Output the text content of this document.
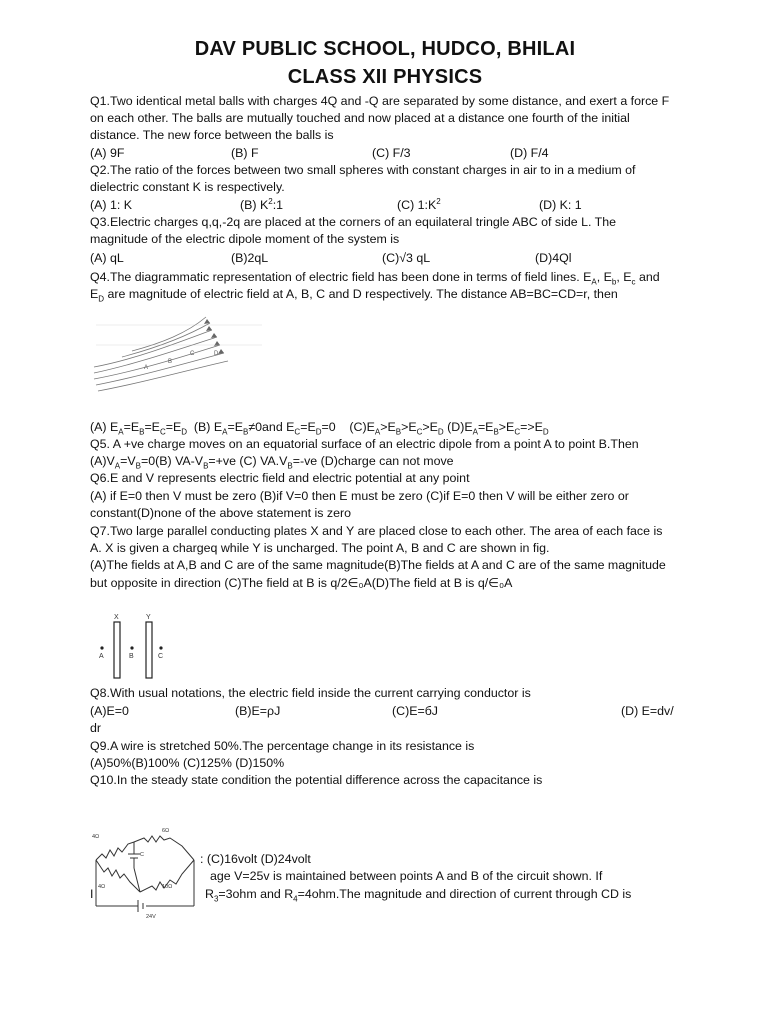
DAV PUBLIC SCHOOL, HUDCO, BHILAI
CLASS XII PHYSICS
Q1.Two identical metal balls with charges 4Q and -Q are separated by some distance, and exert a force F
on each other. The balls are mutually touched and now placed at a distance one fourth of the initial
distance. The new force between the balls is
(A) 9F	(B) F	(C) F/3	(D) F/4
Q2.The ratio of the forces between two small spheres with constant charges in air to in a medium of
dielectric constant K is respectively.
(A) 1: K	(B) $K^2:1$	(C) $1:K^2$	(D) K: 1
Q3.Electric charges q,q,-2q are placed at the corners of an equilateral tringle ABC of side L. The
magnitude of the electric dipole moment of the system is
(A) qL	(B)2qL	(C)√3 qL	(D)4Ql
Q4.The diagrammatic representation of electric field has been done in terms of field lines. $E_A$, $E_b$, $E_c$ and
$E_D$ are magnitude of electric field at A, B, C and D respectively. The distance AB=BC=CD=r, then
A
B
C	D
(A) $E_A=E_B=E_C=E_D$  (B) $E_A=E_B\ne 0and$ $E_C=E_D=0$    $(C)E_A>E_B>E_C>E_D$ $(D)E_A=E_B>E_C=>E_D$
Q5. A +ve charge moves on an equatorial surface of an electric dipole from a point A to point B.Then
$(A)V_A=V_B=0(B)$ $VA-V_B=+ve$ (C) $VA.V_B=-ve$ (D)charge can not move
Q6.E and V represents electric field and electric potential at any point
(A) if E=0 then V must be zero (B)if V=0 then E must be zero (C)if E=0 then V will be either zero or
constant(D)none of the above statement is zero
Q7.Two large parallel conducting plates X and Y are placed close to each other. The area of each face is
A. X is given a chargeq while Y is uncharged. The point A, B and C are shown in fig.
(A)The fields at A,B and C are of the same magnitude(B)The fields at A and C are of the same magnitude
but opposite in direction (C)The field at B is q/2∈₀A(D)The field at B is q/∈₀A
X	Y
A	B	C
Q8.With usual notations, the electric field inside the current carrying conductor is
(A)E=0	(B)E=ρJ	(C)E=бJ	(D) E=dv/
dr
Q9.A wire is stretched 50%.The percentage change in its resistance is
(A)50%(B)100% (C)125% (D)150%
Q10.In the steady state condition the potential difference across the capacitance is
4Ω
6Ω
4Ω	10Ω
C
24V
: (C)16volt (D)24volt
age V=25v is maintained between points A and B of the circuit shown. If
I	$R_3=3ohm$ and $R_4=4ohm.The$ magnitude and direction of current through CD is
